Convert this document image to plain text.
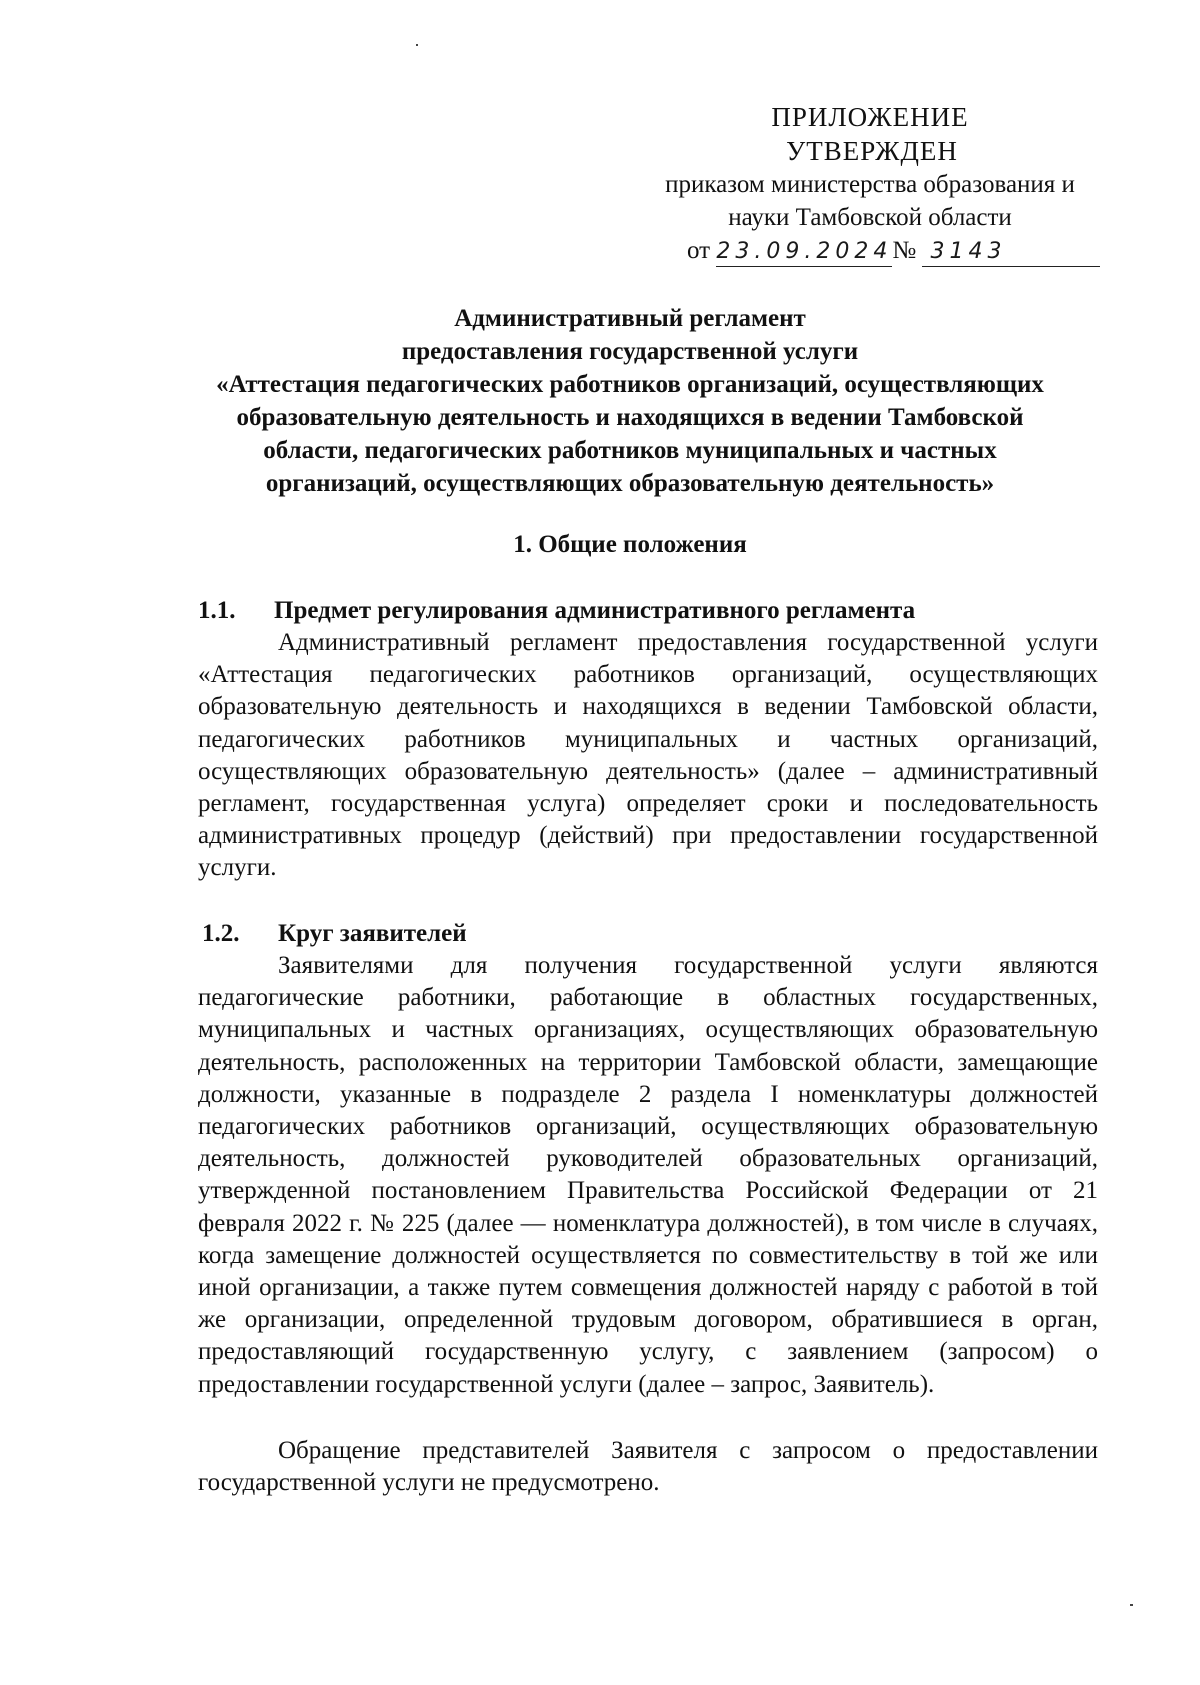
ПРИЛОЖЕНИЕ
УТВЕРЖДЕН
приказом министерства образования и
науки Тамбовской области
от 23.09.2024№ 3143
Административный регламент
предоставления государственной услуги
«Аттестация педагогических работников организаций, осуществляющих
образовательную деятельность и находящихся в ведении Тамбовской
области, педагогических работников муниципальных и частных
организаций, осуществляющих образовательную деятельность»
1. Общие положения
1.1. Предмет регулирования административного регламента
Административный регламент предоставления государственной услуги «Аттестация педагогических работников организаций, осуществляющих образовательную деятельность и находящихся в ведении Тамбовской области, педагогических работников муниципальных и частных организаций, осуществляющих образовательную деятельность» (далее – административный регламент, государственная услуга) определяет сроки и последовательность административных процедур (действий) при предоставлении государственной услуги.
1.2. Круг заявителей
Заявителями для получения государственной услуги являются педагогические работники, работающие в областных государственных, муниципальных и частных организациях, осуществляющих образовательную деятельность, расположенных на территории Тамбовской области, замещающие должности, указанные в подразделе 2 раздела I номенклатуры должностей педагогических работников организаций, осуществляющих образовательную деятельность, должностей руководителей образовательных организаций, утвержденной постановлением Правительства Российской Федерации от 21 февраля 2022 г. № 225 (далее — номенклатура должностей), в том числе в случаях, когда замещение должностей осуществляется по совместительству в той же или иной организации, а также путем совмещения должностей наряду с работой в той же организации, определенной трудовым договором, обратившиеся в орган, предоставляющий государственную услугу, с заявлением (запросом) о предоставлении государственной услуги (далее – запрос, Заявитель).
Обращение представителей Заявителя с запросом о предоставлении государственной услуги не предусмотрено.
